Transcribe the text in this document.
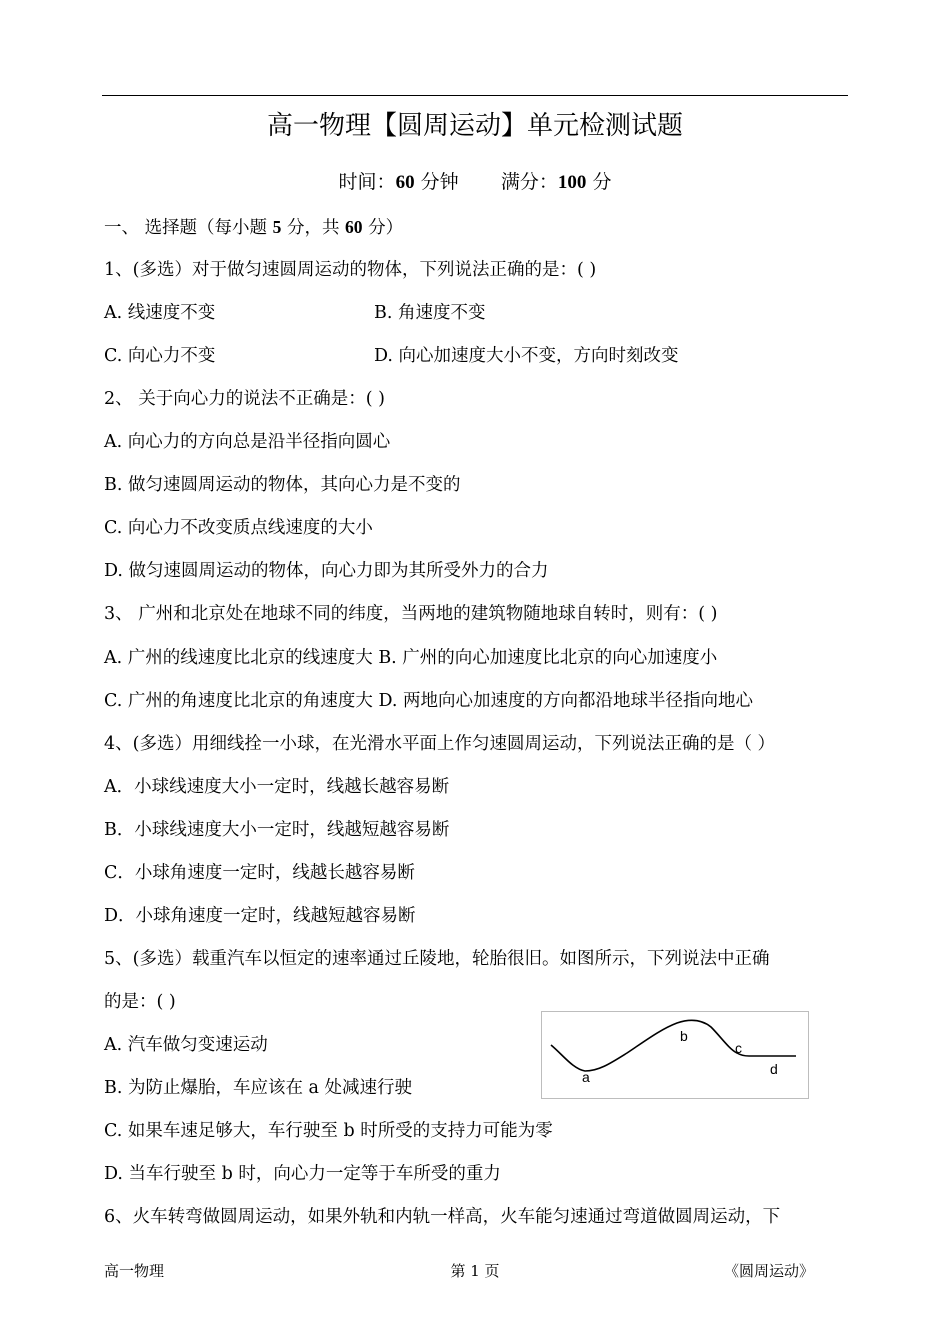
高一物理【圆周运动】单元检测试题
时间：60 分钟 满分：100 分
一、 选择题（每小题 5 分，共 60 分）
1、(多选）对于做匀速圆周运动的物体，下列说法正确的是：( )
A. 线速度不变	B. 角速度不变
C. 向心力不变	D. 向心加速度大小不变，方向时刻改变
2、 关于向心力的说法不正确是：( )
A. 向心力的方向总是沿半径指向圆心
B. 做匀速圆周运动的物体，其向心力是不变的
C. 向心力不改变质点线速度的大小
D. 做匀速圆周运动的物体，向心力即为其所受外力的合力
3、 广州和北京处在地球不同的纬度，当两地的建筑物随地球自转时，则有：( )
A. 广州的线速度比北京的线速度大 B. 广州的向心加速度比北京的向心加速度小
C. 广州的角速度比北京的角速度大 D. 两地向心加速度的方向都沿地球半径指向地心
4、(多选）用细线拴一小球，在光滑水平面上作匀速圆周运动，下列说法正确的是（ ）
A．小球线速度大小一定时，线越长越容易断
B．小球线速度大小一定时，线越短越容易断
C．小球角速度一定时，线越长越容易断
D．小球角速度一定时，线越短越容易断
5、(多选）载重汽车以恒定的速率通过丘陵地，轮胎很旧。如图所示，下列说法中正确
的是：( )
A. 汽车做匀变速运动
B. 为防止爆胎，车应该在 a 处减速行驶
C. 如果车速足够大，车行驶至 b 时所受的支持力可能为零
D. 当车行驶至 b 时，向心力一定等于车所受的重力
a
b
c
d
6、火车转弯做圆周运动，如果外轨和内轨一样高，火车能匀速通过弯道做圆周运动，下
高一物理	第 1 页	《圆周运动》
